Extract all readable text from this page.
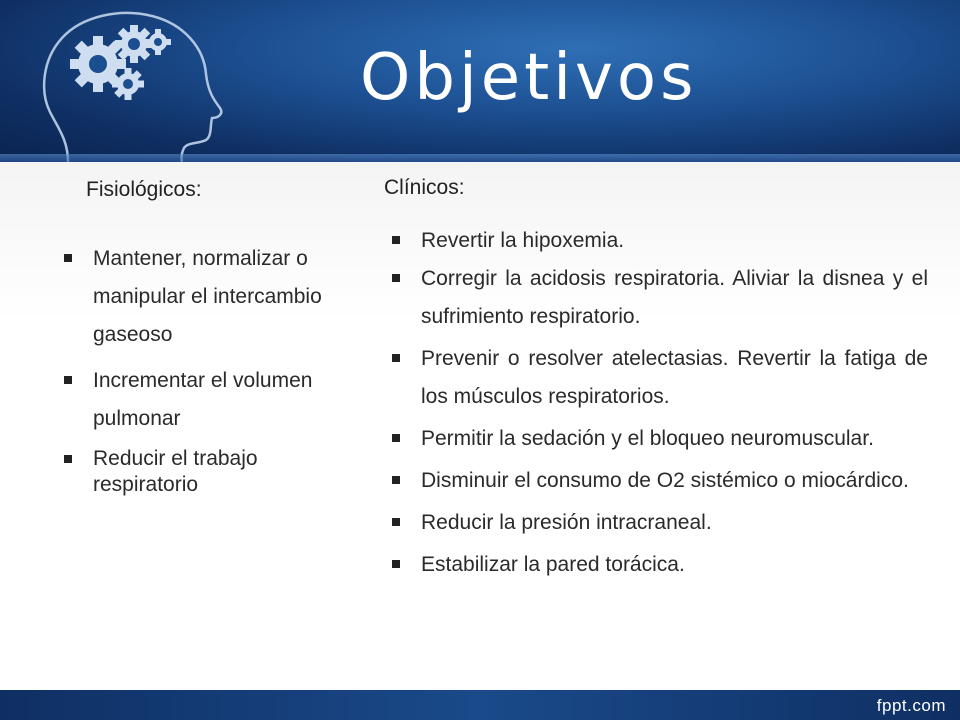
Objetivos
Fisiológicos:
Mantener, normalizar o manipular el intercambio gaseoso
Incrementar el volumen pulmonar
Reducir el trabajo respiratorio
Clínicos:
Revertir la hipoxemia.
Corregir la acidosis respiratoria. Aliviar la disnea y el sufrimiento respiratorio.
Prevenir o resolver atelectasias. Revertir la fatiga de los músculos respiratorios.
Permitir la sedación y el bloqueo neuromuscular.
Disminuir el consumo de O2 sistémico o miocárdico.
Reducir la presión intracraneal.
Estabilizar la pared torácica.
fppt.com
